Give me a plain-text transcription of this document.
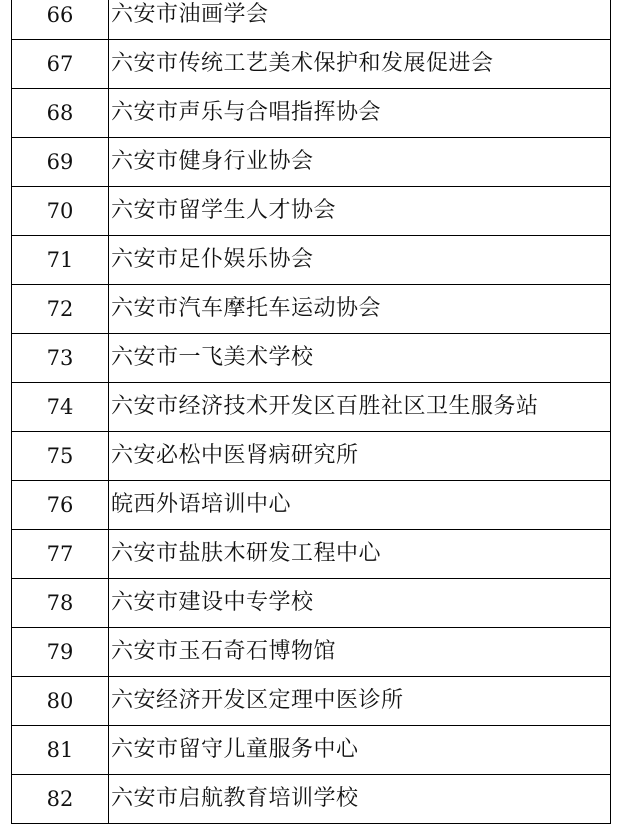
66	六安市油画学会
67	六安市传统工艺美术保护和发展促进会
68	六安市声乐与合唱指挥协会
69	六安市健身行业协会
70	六安市留学生人才协会
71	六安市足仆娱乐协会
72	六安市汽车摩托车运动协会
73	六安市一飞美术学校
74	六安市经济技术开发区百胜社区卫生服务站
75	六安必松中医肾病研究所
76	皖西外语培训中心
77	六安市盐肤木研发工程中心
78	六安市建设中专学校
79	六安市玉石奇石博物馆
80	六安经济开发区定理中医诊所
81	六安市留守儿童服务中心
82	六安市启航教育培训学校
